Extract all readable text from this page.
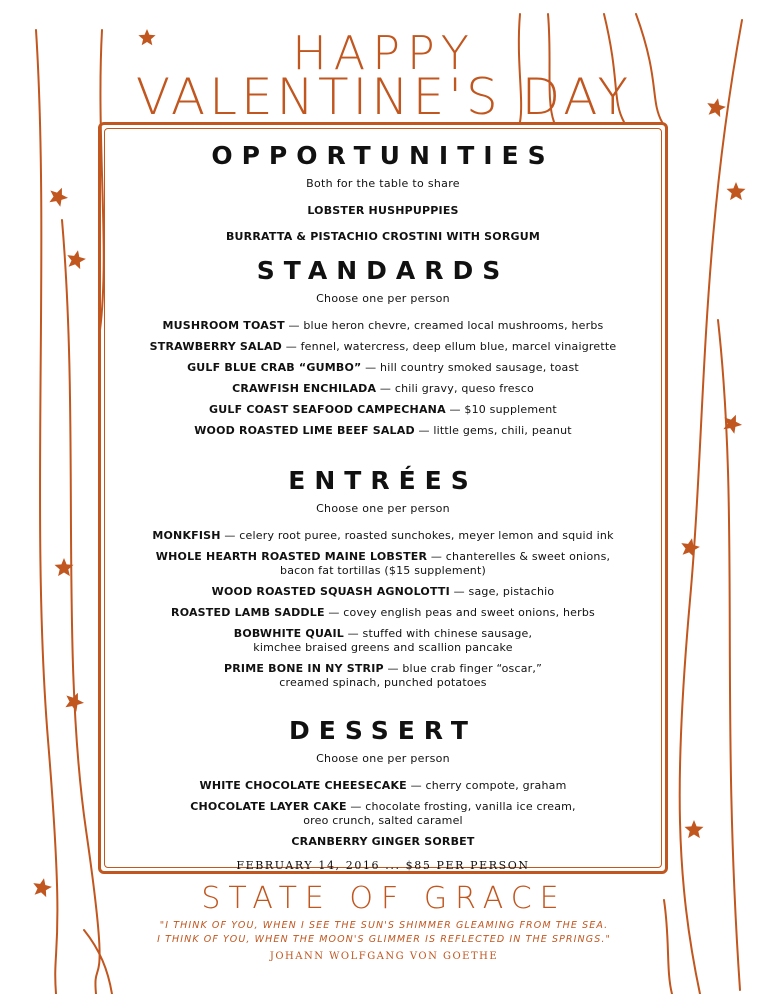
HAPPY
VALENTINE'S DAY
OPPORTUNITIES
Both for the table to share
LOBSTER HUSHPUPPIES
BURRATTA & PISTACHIO CROSTINI WITH SORGUM
STANDARDS
Choose one per person
MUSHROOM TOAST — blue heron chevre, creamed local mushrooms, herbs
STRAWBERRY SALAD — fennel, watercress, deep ellum blue, marcel vinaigrette
GULF BLUE CRAB “GUMBO” — hill country smoked sausage, toast
CRAWFISH ENCHILADA — chili gravy, queso fresco
GULF COAST SEAFOOD CAMPECHANA — $10 supplement
WOOD ROASTED LIME BEEF SALAD — little gems, chili, peanut
ENTRÉES
Choose one per person
MONKFISH — celery root puree, roasted sunchokes, meyer lemon and squid ink
WHOLE HEARTH ROASTED MAINE LOBSTER — chanterelles & sweet onions,
bacon fat tortillas ($15 supplement)
WOOD ROASTED SQUASH AGNOLOTTI — sage, pistachio
ROASTED LAMB SADDLE — covey english peas and sweet onions, herbs
BOBWHITE QUAIL — stuffed with chinese sausage,
kimchee braised greens and scallion pancake
PRIME BONE IN NY STRIP — blue crab finger “oscar,”
creamed spinach, punched potatoes
DESSERT
Choose one per person
WHITE CHOCOLATE CHEESECAKE — cherry compote, graham
CHOCOLATE LAYER CAKE — chocolate frosting, vanilla ice cream,
oreo crunch, salted caramel
CRANBERRY GINGER SORBET
FEBRUARY 14, 2016 ... $85 PER PERSON
STATE OF GRACE
"I THINK OF YOU, WHEN I SEE THE SUN'S SHIMMER GLEAMING FROM THE SEA.
I THINK OF YOU, WHEN THE MOON'S GLIMMER IS REFLECTED IN THE SPRINGS."
JOHANN WOLFGANG VON GOETHE
